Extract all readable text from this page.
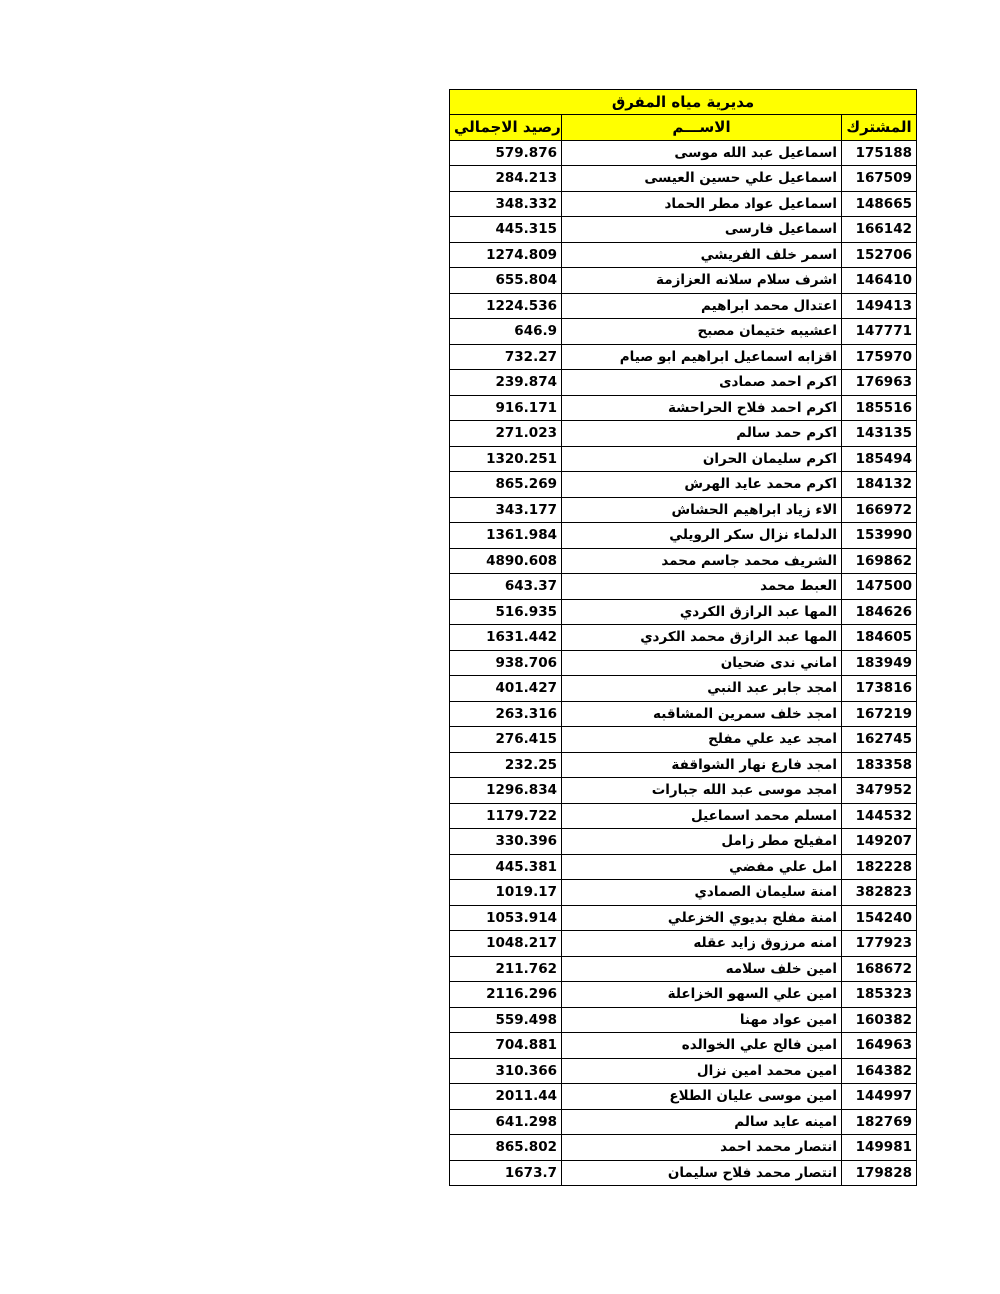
مديرية مياه المفرق		
رصيد الاجمالي	الاســـم	المشترك
579.876	اسماعيل عبد الله موسى	175188
284.213	اسماعيل علي حسين العيسى	167509
348.332	اسماعيل عواد مطر الحماد	148665
445.315	اسماعيل فارسى	166142
1274.809	اسمر خلف الفريشي	152706
655.804	اشرف سلام سلانه العزازمة	146410
1224.536	اعتدال محمد ابراهيم	149413
646.9	اعشيبه ختيمان مصبح	147771
732.27	اقزابه اسماعيل ابراهيم ابو صيام	175970
239.874	اكرم احمد صمادى	176963
916.171	اكرم احمد فلاح الحراحشة	185516
271.023	اكرم حمد سالم	143135
1320.251	اكرم سليمان الحران	185494
865.269	اكرم محمد عايد الهرش	184132
343.177	الاء زياد ابراهيم الحشاش	166972
1361.984	الدلماء نزال سكر الرويلي	153990
4890.608	الشريف محمد جاسم محمد	169862
643.37	العبط محمد	147500
516.935	المها عبد الرازق الكردي	184626
1631.442	المها عبد الرازق محمد الكردي	184605
938.706	اماني ندى ضحيان	183949
401.427	امجد جابر عبد النبي	173816
263.316	امجد خلف سمرين المشاقبه	167219
276.415	امجد عيد علي مفلح	162745
232.25	امجد فارع نهار الشواقفة	183358
1296.834	امجد موسى عبد الله جبارات	347952
1179.722	امسلم محمد اسماعيل	144532
330.396	امفيلح مطر زامل	149207
445.381	امل علي مفضي	182228
1019.17	امنة سليمان الصمادي	382823
1053.914	امنة مفلح بديوي الخزعلي	154240
1048.217	امنه مرزوق زايد عقله	177923
211.762	امين خلف سلامه	168672
2116.296	امين علي السهو الخزاعلة	185323
559.498	امين عواد مهنا	160382
704.881	امين فالح علي الخوالده	164963
310.366	امين محمد امين نزال	164382
2011.44	امين موسى عليان الطلاع	144997
641.298	امينه عايد سالم	182769
865.802	انتصار محمد احمد	149981
1673.7	انتصار محمد فلاح سليمان	179828
